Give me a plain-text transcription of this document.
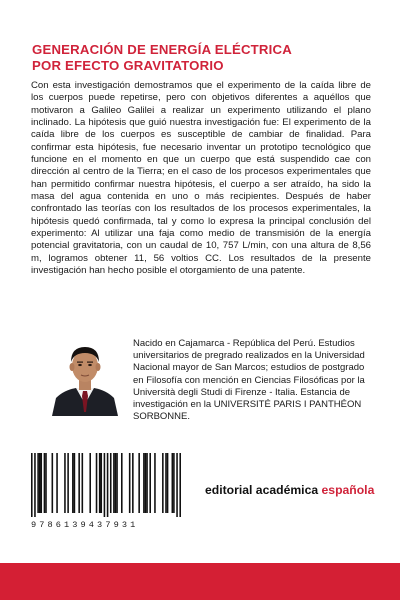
GENERACIÓN DE ENERGÍA ELÉCTRICA
POR EFECTO GRAVITATORIO

Con esta investigación demostramos que el experimento de la caída libre de los cuerpos puede repetirse, pero con objetivos diferentes a aquéllos que motivaron a Galileo Galilei a realizar un experimento utilizando el plano inclinado. La hipótesis que guió nuestra investigación fue: El experimento de la caída libre de los cuerpos es susceptible de cambiar de finalidad. Para confirmar esta hipótesis, fue necesario inventar un prototipo tecnológico que funcione en el momento en que un cuerpo que está suspendido cae con dirección al centro de la Tierra; en el caso de los procesos experimentales que han permitido confirmar nuestra hipótesis, el cuerpo a ser atraído, ha sido la masa del agua contenida en uno o más recipientes. Después de haber confrontado las teorías con los resultados de los procesos experimentales, la hipótesis quedó confirmada, tal y como lo expresa la principal conclusión del experimento: Al utilizar una faja como medio de transmisión de la energía potencial gravitatoria, con un caudal de 10, 757 L/min, con una altura de 8,56 m, logramos obtener 11, 56 voltios CC. Los resultados de la presente investigación han hecho posible el otorgamiento de una patente.

Nacido en Cajamarca - República del Perú. Estudios universitarios de pregrado realizados en la Universidad Nacional mayor de San Marcos; estudios de postgrado en Filosofía con mención en Ciencias Filosóficas por la Università degli Studi di Firenze - Italia. Estancia de investigación en la UNIVERSITÉ PARIS I PANTHÉON SORBONNE.

9786139437931
editorial académica española
